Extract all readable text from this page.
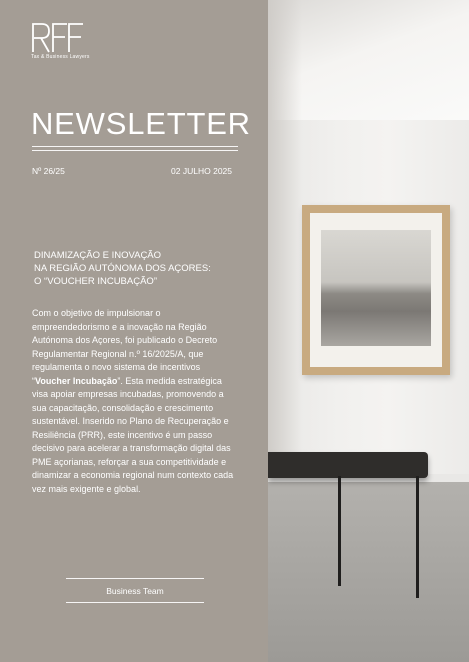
Tax & Business Lawyers
NEWSLETTER
Nº 26/25	02 JULHO 2025
DINAMIZAÇÃO E INOVAÇÃO
NA REGIÃO AUTÓNOMA DOS AÇORES:
O “VOUCHER INCUBAÇÃO”

Com o objetivo de impulsionar o empreendedorismo e a inovação na Região Autónoma dos Açores, foi publicado o Decreto Regulamentar Regional n.º 16/2025/A, que regulamenta o novo sistema de incentivos “Voucher Incubação”. Esta medida estratégica visa apoiar empresas incubadas, promovendo a sua capacitação, consolidação e crescimento sustentável. Inserido no Plano de Recuperação e Resiliência (PRR), este incentivo é um passo decisivo para acelerar a transformação digital das PME açorianas, reforçar a sua competitividade e dinamizar a economia regional num contexto cada vez mais exigente e global.

Business Team
